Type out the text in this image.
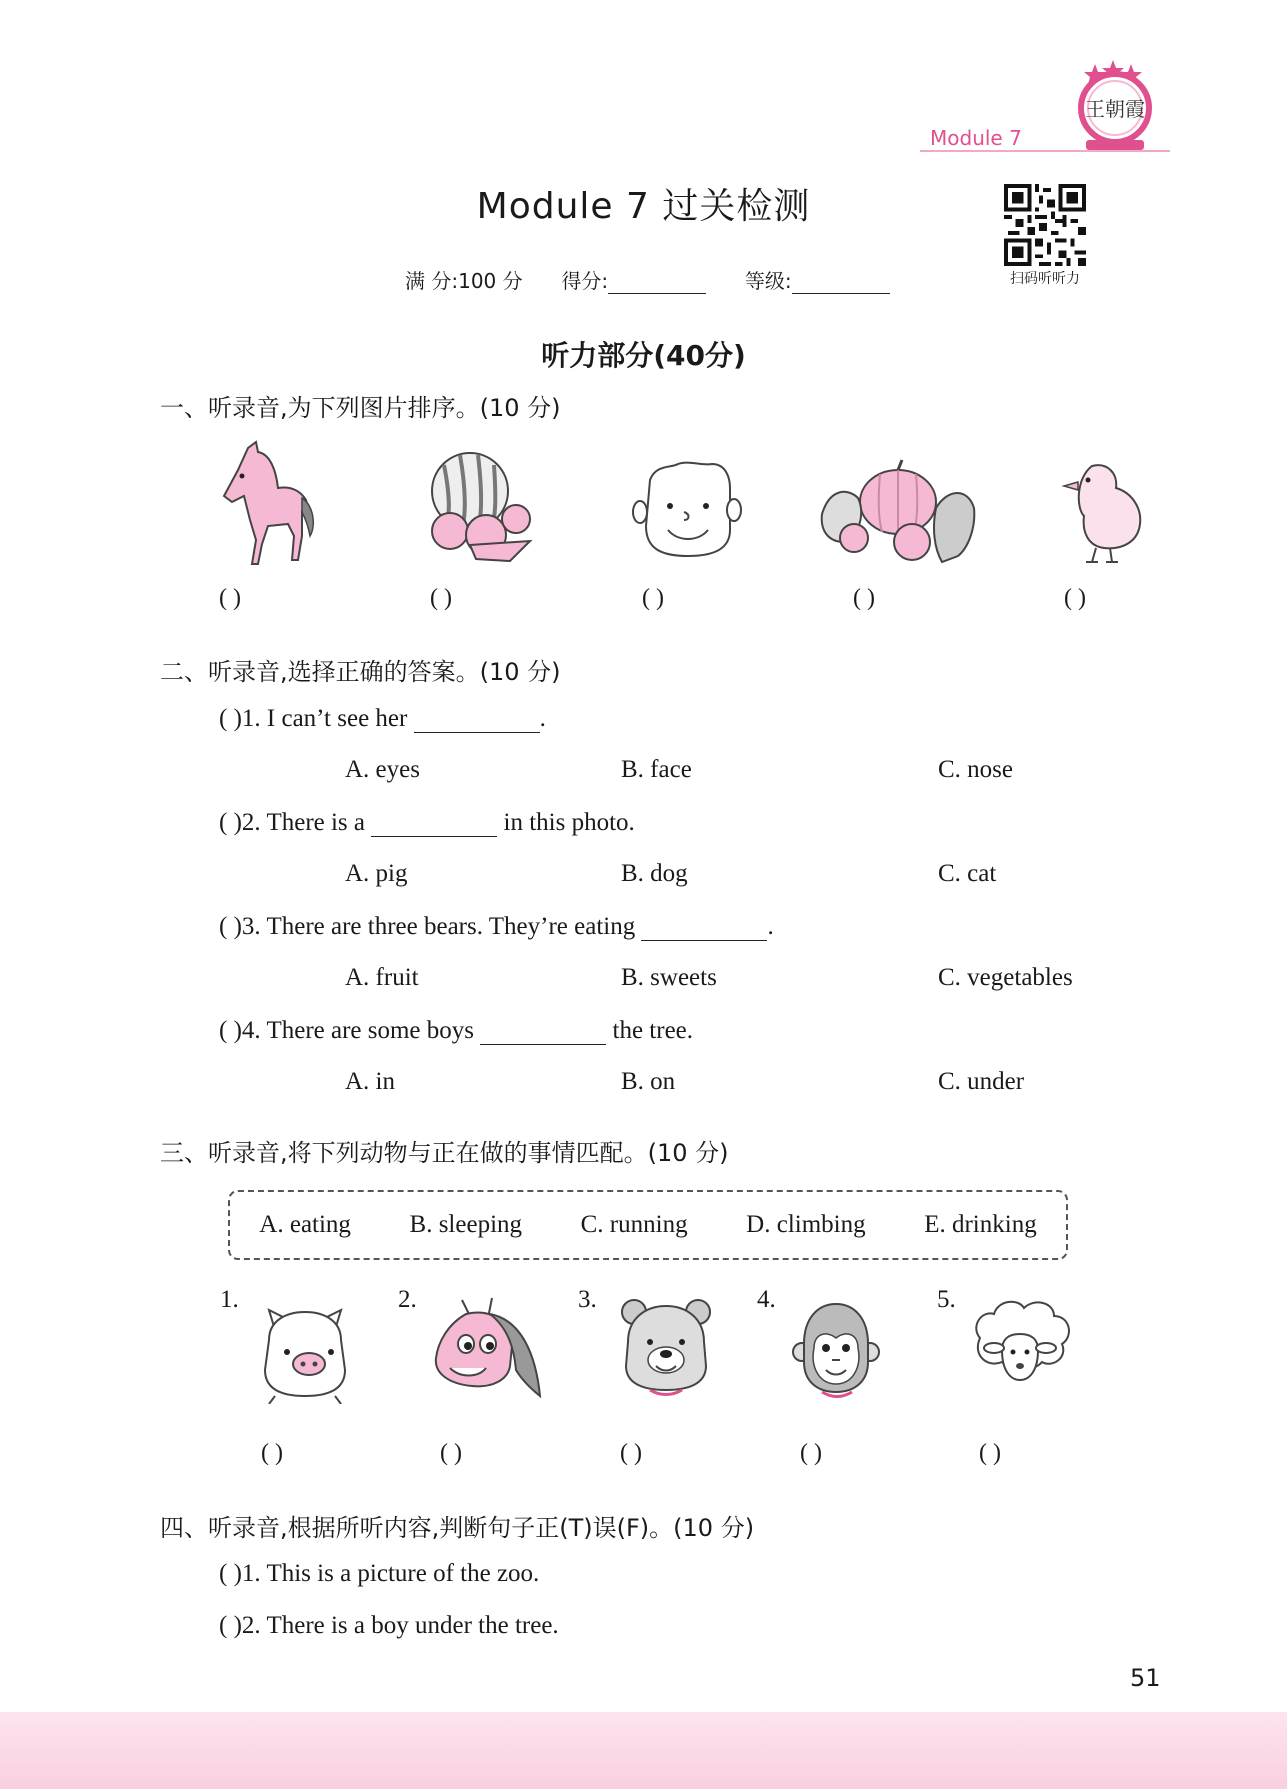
Module 7
王朝霞
Module 7 过关检测
扫码听听力
满 分:100 分 得分:	等级:
听力部分(40分)
一、听录音,为下列图片排序。(10 分)
( )	( )	( )	( )	( )
二、听录音,选择正确的答案。(10 分)
( )1. I can’t see her	.
A. eyes	B. face	C. nose
( )2. There is a	in this photo.
A. pig	B. dog	C. cat
( )3. There are three bears. They’re eating	.
A. fruit	B. sweets	C. vegetables
( )4. There are some boys	the tree.
A. in	B. on	C. under
三、听录音,将下列动物与正在做的事情匹配。(10 分)
A. eating B. sleeping C. running D. climbing E. drinking
1.	2.	3.	4.	5.
( )	( )	( )	( )	( )
四、听录音,根据所听内容,判断句子正(T)误(F)。(10 分)
( )1. This is a picture of the zoo.
( )2. There is a boy under the tree.
51
